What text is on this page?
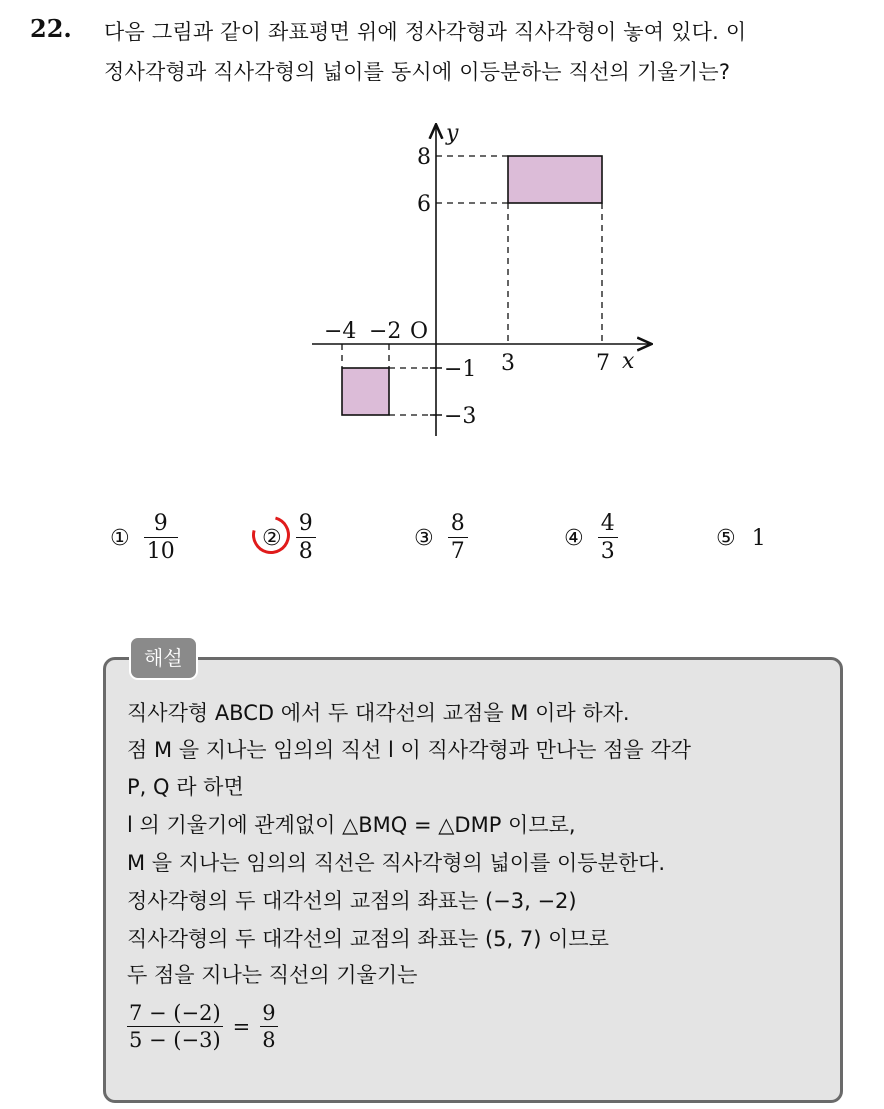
22. 다음 그림과 같이 좌표평면 위에 정사각형과 직사각형이 놓여 있다. 이
정사각형과 직사각형의 넓이를 동시에 이등분하는 직선의 기울기는?
y
x
8
6
−4 −2 O
3	7
−1
−3
① $\frac{9}{10}$	② $\frac{9}{8}$	③ $\frac{8}{7}$	④ $\frac{4}{3}$	⑤ 1
해설
직사각형 ABCD 에서 두 대각선의 교점을 M 이라 하자.
점 M 을 지나는 임의의 직선 l 이 직사각형과 만나는 점을 각각
P, Q 라 하면
l 의 기울기에 관계없이 △BMQ = △DMP 이므로,
M 을 지나는 임의의 직선은 직사각형의 넓이를 이등분한다.
정사각형의 두 대각선의 교점의 좌표는 (−3, −2)
직사각형의 두 대각선의 교점의 좌표는 (5, 7) 이므로
두 점을 지나는 직선의 기울기는
7 − (−2)
5 − (−3)
=
9
8
